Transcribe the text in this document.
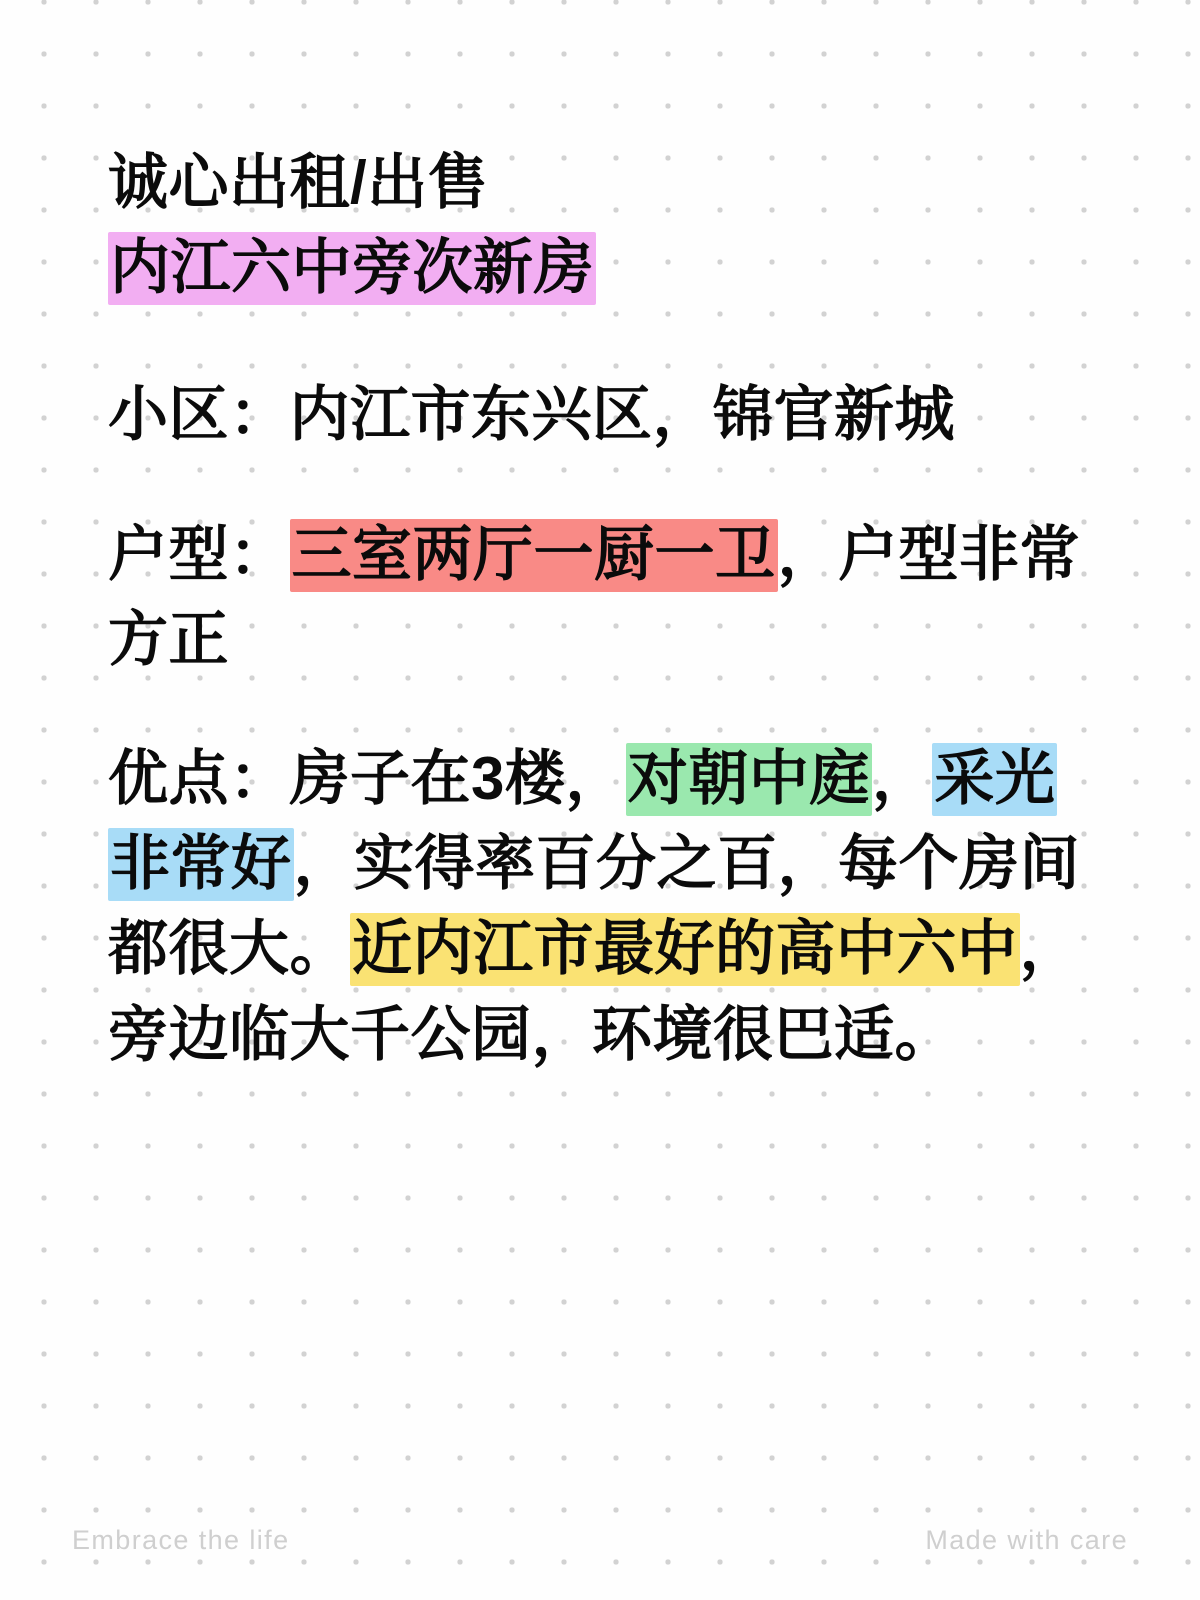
诚心出租/出售
内江六中旁次新房

小区：内江市东兴区，锦官新城

户型：三室两厅一厨一卫，户型非常方正

优点：房子在3楼，对朝中庭，采光非常好，实得率百分之百，每个房间都很大。近内江市最好的高中六中，旁边临大千公园，环境很巴适。

Embrace the life	Made with care
